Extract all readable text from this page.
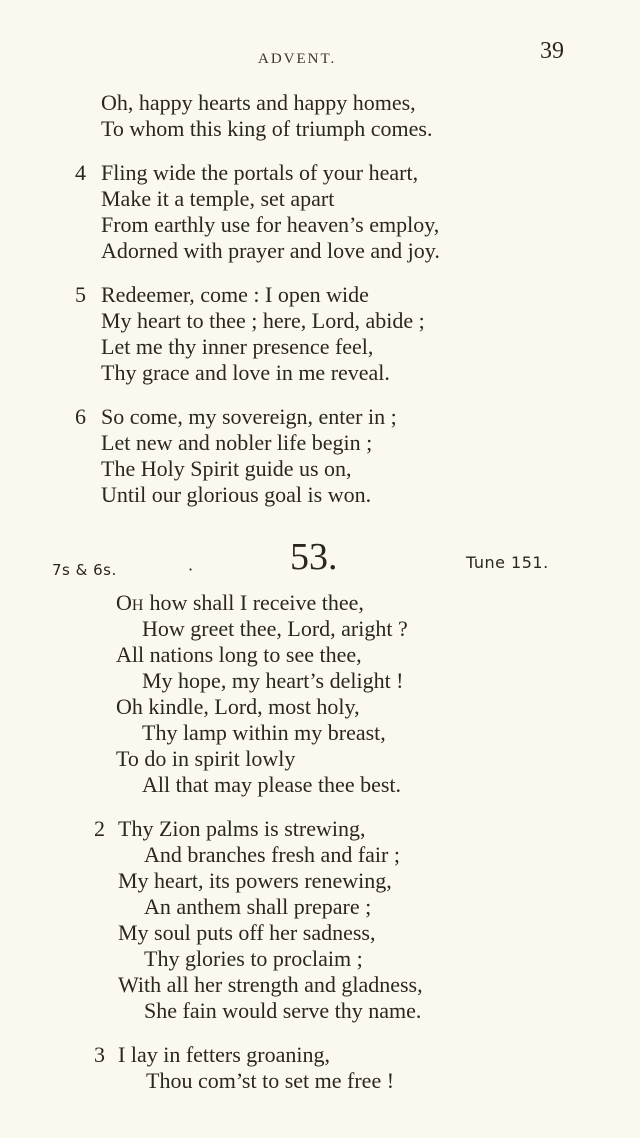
ADVENT.	39
Oh, happy hearts and happy homes,
To whom this king of triumph comes.
4 Fling wide the portals of your heart,
Make it a temple, set apart
From earthly use for heaven’s employ,
Adorned with prayer and love and joy.
5 Redeemer, come : I open wide
My heart to thee ; here, Lord, abide ;
Let me thy inner presence feel,
Thy grace and love in me reveal.
6 So come, my sovereign, enter in ;
Let new and nobler life begin ;
The Holy Spirit guide us on,
Until our glorious goal is won.
7s & 6s.	·	53.	Tune 151.
OH how shall I receive thee,
How greet thee, Lord, aright ?
All nations long to see thee,
My hope, my heart’s delight !
Oh kindle, Lord, most holy,
Thy lamp within my breast,
To do in spirit lowly
All that may please thee best.
2 Thy Zion palms is strewing,
And branches fresh and fair ;
My heart, its powers renewing,
An anthem shall prepare ;
My soul puts off her sadness,
Thy glories to proclaim ;
With all her strength and gladness,
She fain would serve thy name.
3 I lay in fetters groaning,
Thou com’st to set me free !
